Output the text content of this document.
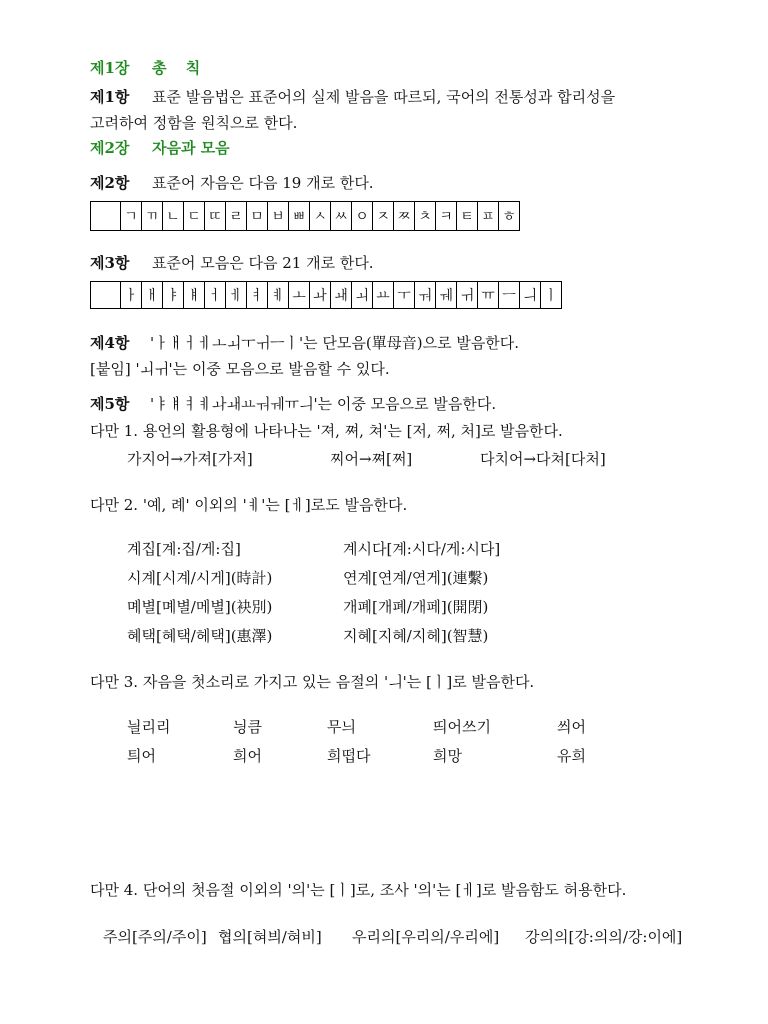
제1장 총 칙
제1항 표준 발음법은 표준어의 실제 발음을 따르되, 국어의 전통성과 합리성을
고려하여 정함을 원칙으로 한다.
제2장 자음과 모음
제2항 표준어 자음은 다음 19 개로 한다.
	ㄱ	ㄲ	ㄴ	ㄷ	ㄸ	ㄹ	ㅁ	ㅂ	ㅃ	ㅅ	ㅆ	ㅇ	ㅈ	ㅉ	ㅊ	ㅋ	ㅌ	ㅍ	ㅎ
제3항 표준어 모음은 다음 21 개로 한다.
	ㅏ	ㅐ	ㅑ	ㅒ	ㅓ	ㅔ	ㅕ	ㅖ	ㅗ	ㅘ	ㅙ	ㅚ	ㅛ	ㅜ	ㅝ	ㅞ	ㅟ	ㅠ	ㅡ	ㅢ	ㅣ
제4항 'ㅏㅐㅓㅔㅗㅚㅜㅟㅡㅣ'는 단모음(單母音)으로 발음한다.
[붙임] 'ㅚㅟ'는 이중 모음으로 발음할 수 있다.
제5항 'ㅑㅒㅕㅖㅘㅙㅛㅝㅞㅠㅢ'는 이중 모음으로 발음한다.
다만 1. 용언의 활용형에 나타나는 '져, 쪄, 쳐'는 [저, 쩌, 처]로 발음한다.
가지어→가져[가저]	찌어→쪄[쩌]	다치어→다쳐[다처]
다만 2. '예, 례' 이외의 'ㅖ'는 [ㅔ]로도 발음한다.
계집[계:집/게:집]	계시다[계:시다/게:시다]
시계[시계/시게](時計)	연계[연계/연게](連繫)
몌별[몌별/메별](袂別)	개폐[개폐/개페](開閉)
혜택[혜택/헤택](惠澤)	지혜[지혜/지헤](智慧)
다만 3. 자음을 첫소리로 가지고 있는 음절의 'ㅢ'는 [ㅣ]로 발음한다.
늴리리	닁큼	무늬	띄어쓰기	씌어
틔어	희어	희떱다	희망	유희
다만 4. 단어의 첫음절 이외의 '의'는 [ㅣ]로, 조사 '의'는 [ㅔ]로 발음함도 허용한다.
주의[주의/주이] 협의[혀븨/혀비] 우리의[우리의/우리에] 강의의[강:의의/강:이에]
